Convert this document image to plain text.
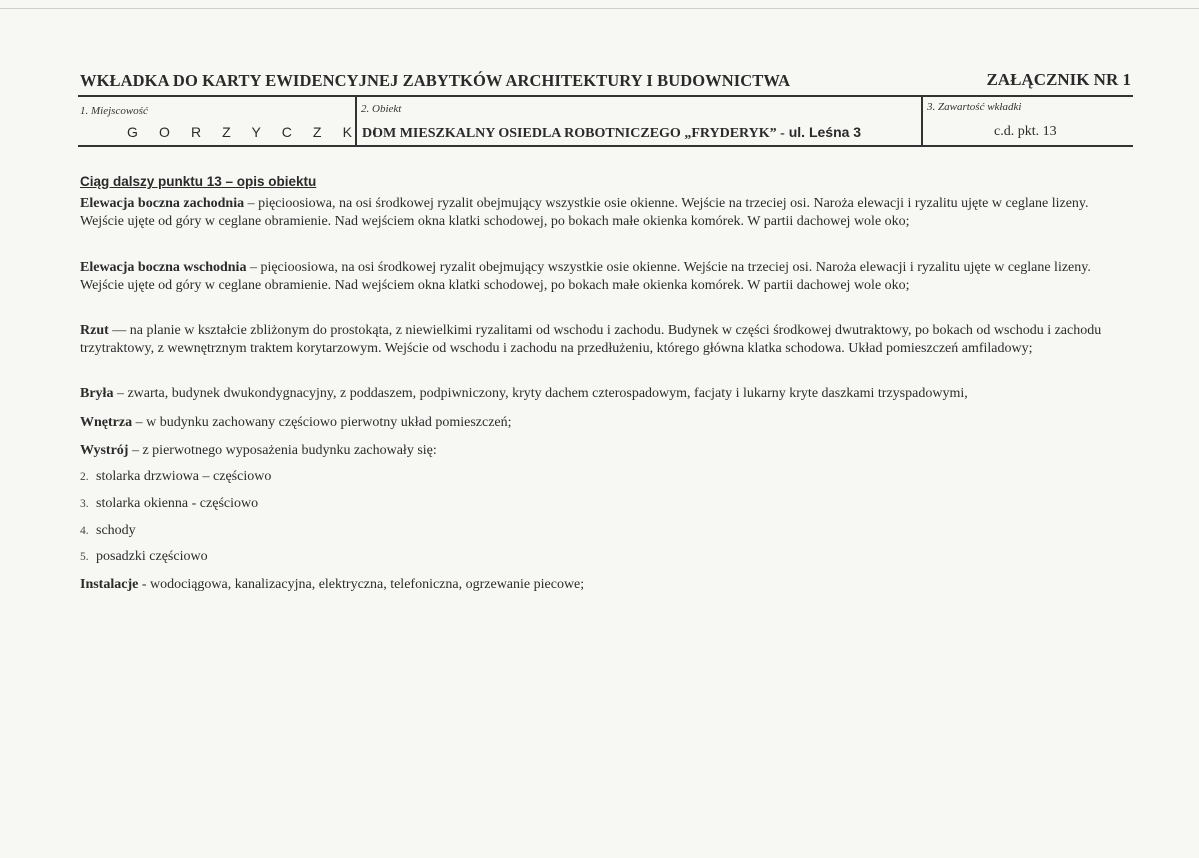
WKŁADKA DO KARTY EWIDENCYJNEJ ZABYTKÓW ARCHITEKTURY I BUDOWNICTWA	ZAŁĄCZNIK NR 1
1. Miejscowość
G O R Z Y C Z K I
2. Obiekt
DOM MIESZKALNY OSIEDLA ROBOTNICZEGO „FRYDERYK” - ul. Leśna 3
3. Zawartość wkładki
c.d. pkt. 13
Ciąg dalszy punktu 13 – opis obiektu
Elewacja boczna zachodnia – pięcioosiowa, na osi środkowej ryzalit obejmujący wszystkie osie okienne. Wejście na trzeciej osi. Naroża elewacji i ryzalitu ujęte w ceglane lizeny. Wejście ujęte od góry w ceglane obramienie. Nad wejściem okna klatki schodowej, po bokach małe okienka komórek. W partii dachowej wole oko;
Elewacja boczna wschodnia – pięcioosiowa, na osi środkowej ryzalit obejmujący wszystkie osie okienne. Wejście na trzeciej osi. Naroża elewacji i ryzalitu ujęte w ceglane lizeny. Wejście ujęte od góry w ceglane obramienie. Nad wejściem okna klatki schodowej, po bokach małe okienka komórek. W partii dachowej wole oko;
Rzut — na planie w kształcie zbliżonym do prostokąta, z niewielkimi ryzalitami od wschodu i zachodu. Budynek w części środkowej dwutraktowy, po bokach od wschodu i zachodu trzytraktowy, z wewnętrznym traktem korytarzowym. Wejście od wschodu i zachodu na przedłużeniu, którego główna klatka schodowa. Układ pomieszczeń amfiladowy;
Bryła – zwarta, budynek dwukondygnacyjny, z poddaszem, podpiwniczony, kryty dachem czterospadowym, facjaty i lukarny kryte daszkami trzyspadowymi,
Wnętrza – w budynku zachowany częściowo pierwotny układ pomieszczeń;
Wystrój – z pierwotnego wyposażenia budynku zachowały się:
2. stolarka drzwiowa – częściowo
3. stolarka okienna - częściowo
4. schody
5. posadzki częściowo
Instalacje - wodociągowa, kanalizacyjna, elektryczna, telefoniczna, ogrzewanie piecowe;
